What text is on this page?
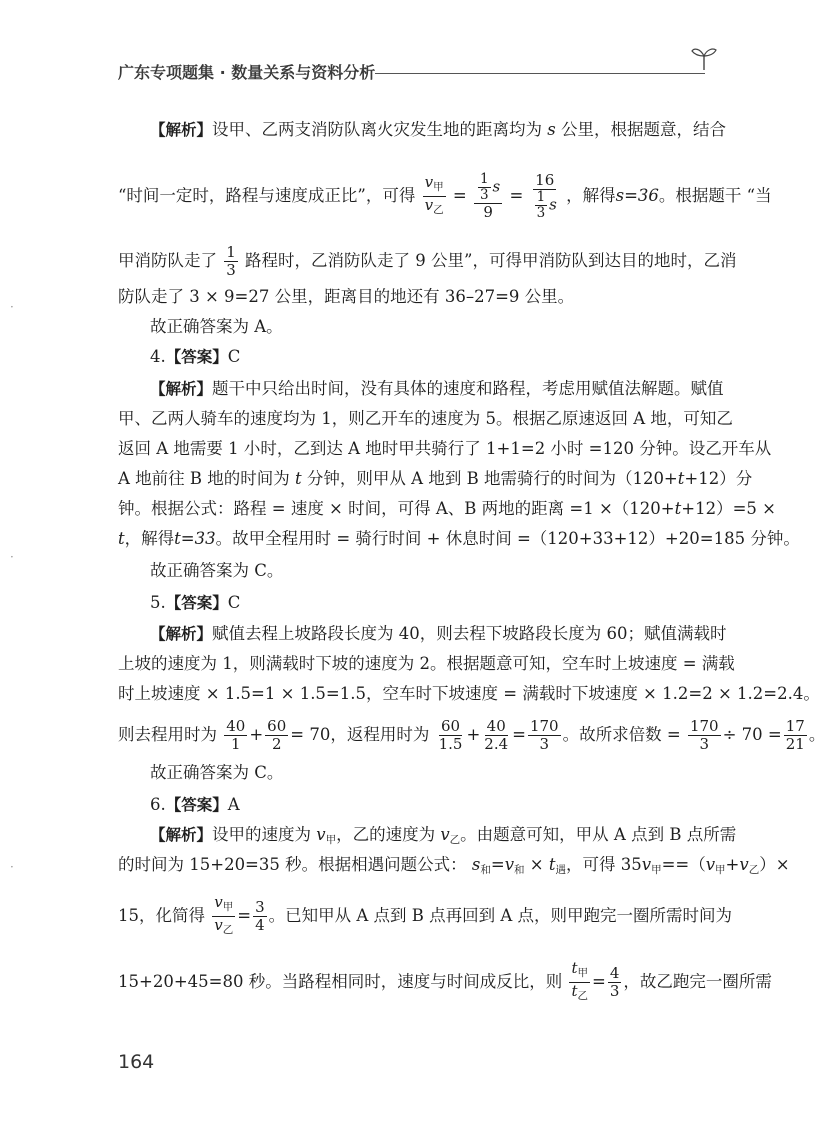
广东专项题集 · 数量关系与资料分析
【解析】设甲、乙两支消防队离火灾发生地的距离均为 s 公里，根据题意，结合
“时间一定时，路程与速度成正比”，可得 $\frac{v_甲}{v_乙} = \frac{\frac{1}{3} s}{9} = \frac{16}{\frac{1}{3} s}$ ，解得s=36。根据题干 “当
甲消防队走了 $\frac{1}{3}$ 路程时，乙消防队走了 9 公里”，可得甲消防队到达目的地时，乙消
防队走了 3 × 9=27 公里，距离目的地还有 36–27=9 公里。
故正确答案为 A。
4.【答案】C
【解析】题干中只给出时间，没有具体的速度和路程，考虑用赋值法解题。赋值
甲、乙两人骑车的速度均为 1，则乙开车的速度为 5。根据乙原速返回 A 地，可知乙
返回 A 地需要 1 小时，乙到达 A 地时甲共骑行了 1+1=2 小时 =120 分钟。设乙开车从
A 地前往 B 地的时间为 t 分钟，则甲从 A 地到 B 地需骑行的时间为（120+t+12）分
钟。根据公式：路程 = 速度 × 时间，可得 A、B 两地的距离 =1 ×（120+t+12）=5 ×
t，解得t=33。故甲全程用时 = 骑行时间 + 休息时间 =（120+33+12）+20=185 分钟。
故正确答案为 C。
5.【答案】C
【解析】赋值去程上坡路段长度为 40，则去程下坡路段长度为 60；赋值满载时
上坡的速度为 1，则满载时下坡的速度为 2。根据题意可知，空车时上坡速度 = 满载
时上坡速度 × 1.5=1 × 1.5=1.5，空车时下坡速度 = 满载时下坡速度 × 1.2=2 × 1.2=2.4。
则去程用时为 $\frac{40}{1} + \frac{60}{2} = 70$，返程用时为 $\frac{60}{1.5} + \frac{40}{2.4} = \frac{170}{3}$ 。故所求倍数 = $\frac{170}{3} \div 70 = \frac{17}{21}$ 。
故正确答案为 C。
6.【答案】A
【解析】设甲的速度为 $v_甲$，乙的速度为 $v_乙$。由题意可知，甲从 A 点到 B 点所需
的时间为 15+20=35 秒。根据相遇问题公式： $s_和=v_和 \times t_遇$，可得 $35v_甲==(v_甲+v_乙)\times$
15，化简得 $\frac{v_甲}{v_乙} = \frac{3}{4}$ 。已知甲从 A 点到 B 点再回到 A 点，则甲跑完一圈所需时间为
15+20+45=80 秒。当路程相同时，速度与时间成反比，则 $\frac{t_甲}{t_乙} = \frac{4}{3}$ ，故乙跑完一圈所需
164
·
·
·
